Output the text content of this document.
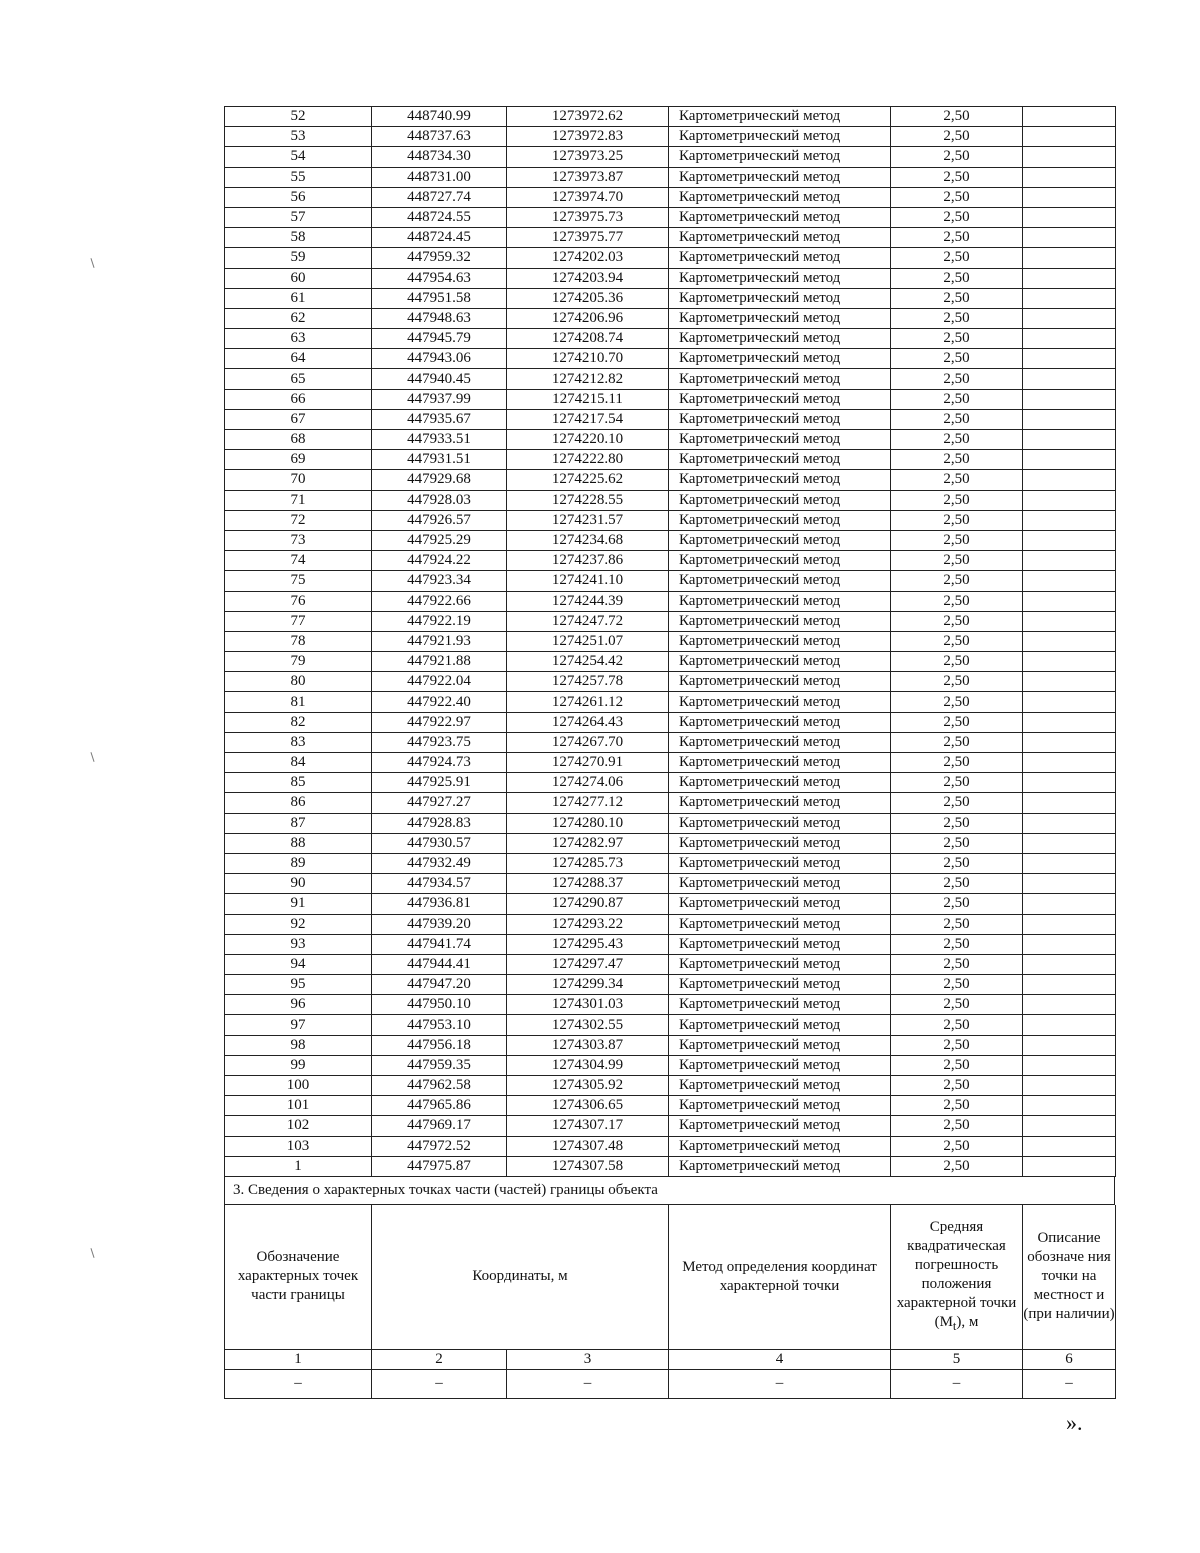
52	448740.99	1273972.62	Картометрический метод	2,50	
53	448737.63	1273972.83	Картометрический метод	2,50	
54	448734.30	1273973.25	Картометрический метод	2,50	
55	448731.00	1273973.87	Картометрический метод	2,50	
56	448727.74	1273974.70	Картометрический метод	2,50	
57	448724.55	1273975.73	Картометрический метод	2,50	
58	448724.45	1273975.77	Картометрический метод	2,50	
59	447959.32	1274202.03	Картометрический метод	2,50	
60	447954.63	1274203.94	Картометрический метод	2,50	
61	447951.58	1274205.36	Картометрический метод	2,50	
62	447948.63	1274206.96	Картометрический метод	2,50	
63	447945.79	1274208.74	Картометрический метод	2,50	
64	447943.06	1274210.70	Картометрический метод	2,50	
65	447940.45	1274212.82	Картометрический метод	2,50	
66	447937.99	1274215.11	Картометрический метод	2,50	
67	447935.67	1274217.54	Картометрический метод	2,50	
68	447933.51	1274220.10	Картометрический метод	2,50	
69	447931.51	1274222.80	Картометрический метод	2,50	
70	447929.68	1274225.62	Картометрический метод	2,50	
71	447928.03	1274228.55	Картометрический метод	2,50	
72	447926.57	1274231.57	Картометрический метод	2,50	
73	447925.29	1274234.68	Картометрический метод	2,50	
74	447924.22	1274237.86	Картометрический метод	2,50	
75	447923.34	1274241.10	Картометрический метод	2,50	
76	447922.66	1274244.39	Картометрический метод	2,50	
77	447922.19	1274247.72	Картометрический метод	2,50	
78	447921.93	1274251.07	Картометрический метод	2,50	
79	447921.88	1274254.42	Картометрический метод	2,50	
80	447922.04	1274257.78	Картометрический метод	2,50	
81	447922.40	1274261.12	Картометрический метод	2,50	
82	447922.97	1274264.43	Картометрический метод	2,50	
83	447923.75	1274267.70	Картометрический метод	2,50	
84	447924.73	1274270.91	Картометрический метод	2,50	
85	447925.91	1274274.06	Картометрический метод	2,50	
86	447927.27	1274277.12	Картометрический метод	2,50	
87	447928.83	1274280.10	Картометрический метод	2,50	
88	447930.57	1274282.97	Картометрический метод	2,50	
89	447932.49	1274285.73	Картометрический метод	2,50	
90	447934.57	1274288.37	Картометрический метод	2,50	
91	447936.81	1274290.87	Картометрический метод	2,50	
92	447939.20	1274293.22	Картометрический метод	2,50	
93	447941.74	1274295.43	Картометрический метод	2,50	
94	447944.41	1274297.47	Картометрический метод	2,50	
95	447947.20	1274299.34	Картометрический метод	2,50	
96	447950.10	1274301.03	Картометрический метод	2,50	
97	447953.10	1274302.55	Картометрический метод	2,50	
98	447956.18	1274303.87	Картометрический метод	2,50	
99	447959.35	1274304.99	Картометрический метод	2,50	
100	447962.58	1274305.92	Картометрический метод	2,50	
101	447965.86	1274306.65	Картометрический метод	2,50	
102	447969.17	1274307.17	Картометрический метод	2,50	
103	447972.52	1274307.48	Картометрический метод	2,50	
1	447975.87	1274307.58	Картометрический метод	2,50	
3. Сведения о характерных точках части (частей) границы объекта
Обозначение характерных точек части границы	Координаты, м		Метод определения координат характерной точки	Средняя квадратическая погрешность положения характерной точки $(M_t)$, м	Описание обозначе ния точки на местност и (при наличии)
1	2	3	4	5	6
–	–	–	–	–	–
».
